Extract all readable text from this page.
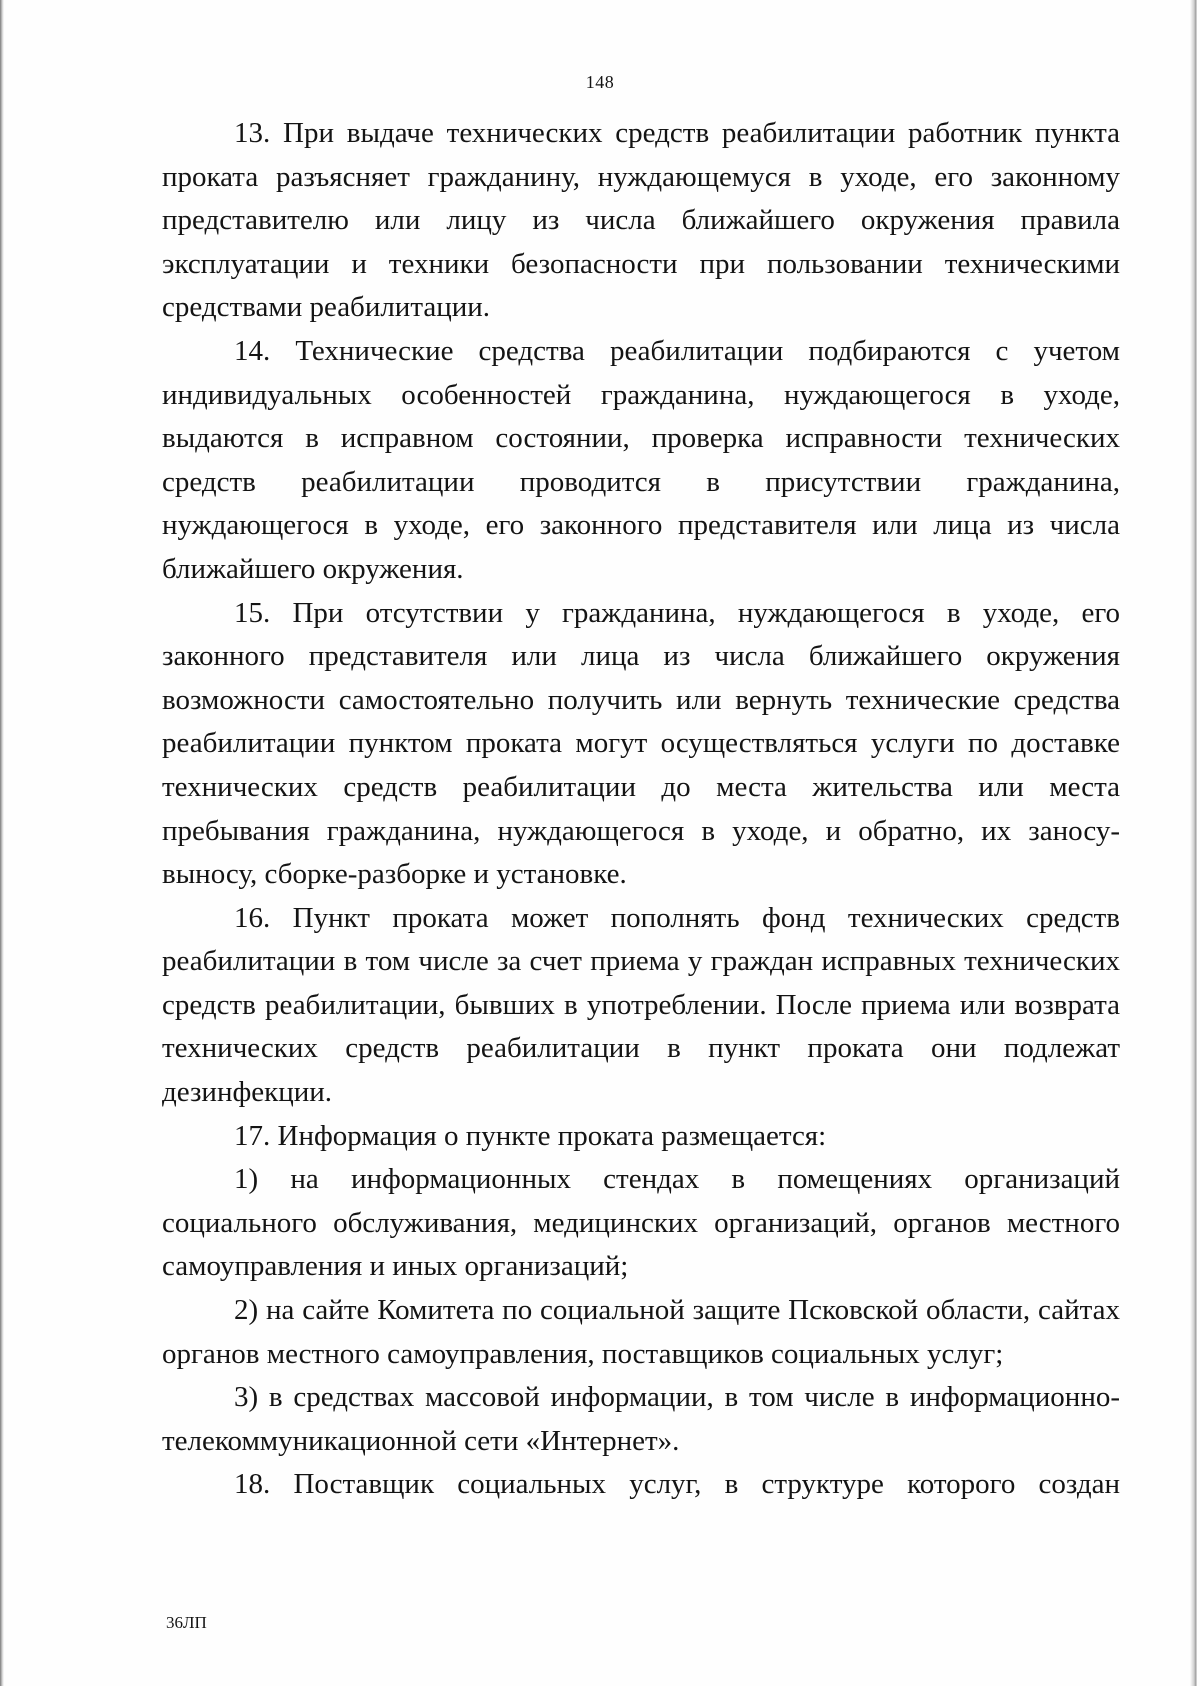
148

13. При выдаче технических средств реабилитации работник пункта проката разъясняет гражданину, нуждающемуся в уходе, его законному представителю или лицу из числа ближайшего окружения правила эксплуатации и техники безопасности при пользовании техническими средствами реабилитации.

14. Технические средства реабилитации подбираются с учетом индивидуальных особенностей гражданина, нуждающегося в уходе, выдаются в исправном состоянии, проверка исправности технических средств реабилитации проводится в присутствии гражданина, нуждающегося в уходе, его законного представителя или лица из числа ближайшего окружения.

15. При отсутствии у гражданина, нуждающегося в уходе, его законного представителя или лица из числа ближайшего окружения возможности самостоятельно получить или вернуть технические средства реабилитации пунктом проката могут осуществляться услуги по доставке технических средств реабилитации до места жительства или места пребывания гражданина, нуждающегося в уходе, и обратно, их заносу-выносу, сборке-разборке и установке.

16. Пункт проката может пополнять фонд технических средств реабилитации в том числе за счет приема у граждан исправных технических средств реабилитации, бывших в употреблении. После приема или возврата технических средств реабилитации в пункт проката они подлежат дезинфекции.

17. Информация о пункте проката размещается:

1) на информационных стендах в помещениях организаций социального обслуживания, медицинских организаций, органов местного самоуправления и иных организаций;

2) на сайте Комитета по социальной защите Псковской области, сайтах органов местного самоуправления, поставщиков социальных услуг;

3) в средствах массовой информации, в том числе в информационно-телекоммуникационной сети «Интернет».

18. Поставщик социальных услуг, в структуре которого создан

36ЛП
